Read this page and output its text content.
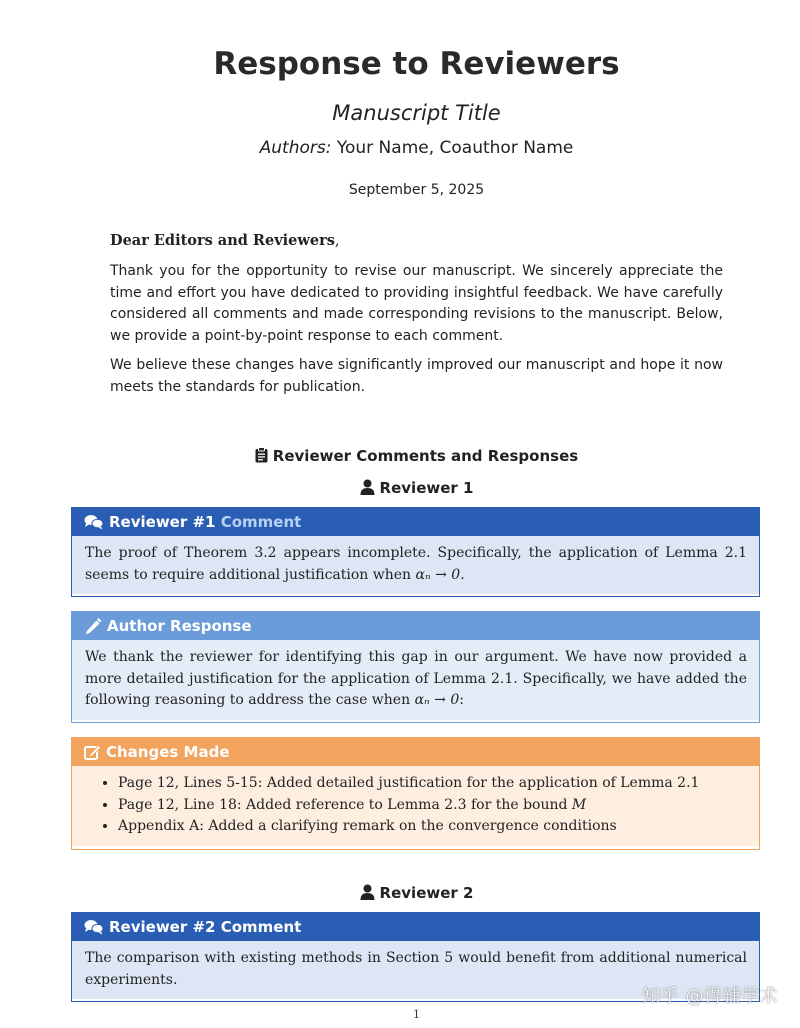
Response to Reviewers
Manuscript Title
Authors: Your Name, Coauthor Name
September 5, 2025
Dear Editors and Reviewers,

Thank you for the opportunity to revise our manuscript. We sincerely appreciate the time and effort you have dedicated to providing insightful feedback. We have carefully considered all comments and made corresponding revisions to the manuscript. Below, we provide a point-by-point response to each comment.

We believe these changes have significantly improved our manuscript and hope it now meets the standards for publication.

Reviewer Comments and Responses
Reviewer 1
Reviewer #1 Comment
The proof of Theorem 3.2 appears incomplete. Specifically, the application of Lemma 2.1 seems to require additional justification when αₙ → 0.
Author Response
We thank the reviewer for identifying this gap in our argument. We have now provided a more detailed justification for the application of Lemma 2.1. Specifically, we have added the following reasoning to address the case when αₙ → 0:
Changes Made
• Page 12, Lines 5-15: Added detailed justification for the application of Lemma 2.1
• Page 12, Line 18: Added reference to Lemma 2.3 for the bound M
• Appendix A: Added a clarifying remark on the convergence conditions
Reviewer 2
Reviewer #2 Comment
The comparison with existing methods in Section 5 would benefit from additional numerical experiments.
知乎 @得辅学术
1
